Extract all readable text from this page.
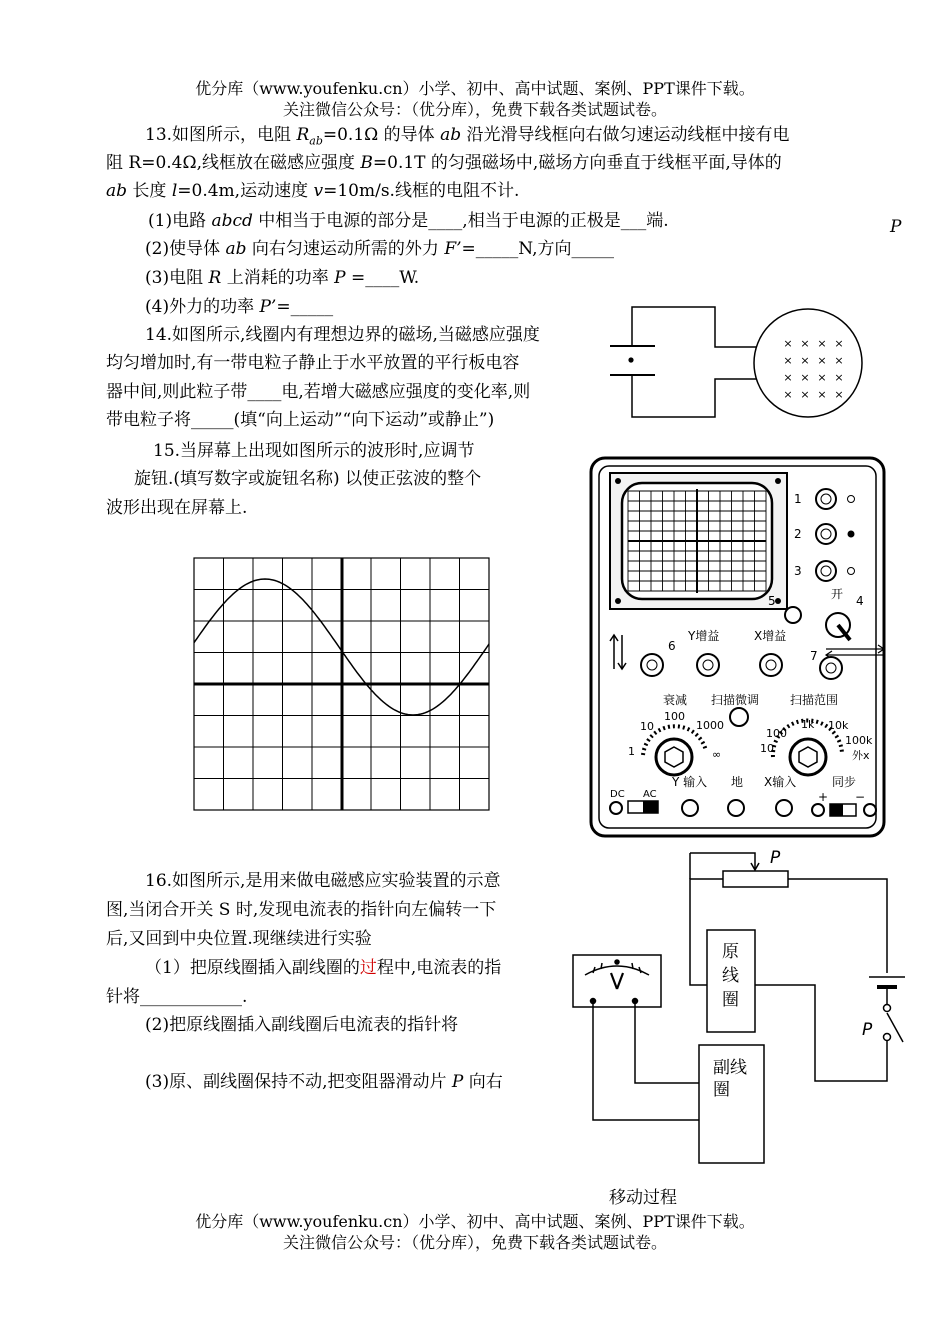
优分库（www.youfenku.cn）小学、初中、高中试题、案例、PPT课件下载。
关注微信公众号：（优分库），免费下载各类试题试卷。
13.如图所示，电阻 $R_{ab}=0.1\Omega$ 的导体 ab 沿光滑导线框向右做匀速运动线框中接有电
阻 R=0.4Ω,线框放在磁感应强度 B=0.1T 的匀强磁场中,磁场方向垂直于线框平面,导体的
ab 长度 l=0.4m,运动速度 v=10m/s.线框的电阻不计.
(1)电路 abcd 中相当于电源的部分是____,相当于电源的正极是___端.	P
(2)使导体 ab 向右匀速运动所需的外力 F’=_____N,方向_____
(3)电阻 R 上消耗的功率 P =____W.
(4)外力的功率 P’=_____
14.如图所示,线圈内有理想边界的磁场,当磁感应强度
均匀增加时,有一带电粒子静止于水平放置的平行板电容
器中间,则此粒子带____电,若增大磁感应强度的变化率,则
带电粒子将_____(填“向上运动”“向下运动”或静止”)
× × × ×
× × × ×
× × × ×
× × × ×
15.当屏幕上出现如图所示的波形时,应调节
旋钮.(填写数字或旋钮名称) 以使正弦波的整个
波形出现在屏幕上.	1
2
3
5	开 4
6
Y增益	X增益
7
衰减 扫描微调	扫描范围
10
100
1000
1	∞
100
10
1k 10k
100k
外x
Y 输入 地 X输入	同步
DC AC	+ −
16.如图所示,是用来做电磁感应实验装置的示意
图,当闭合开关 S 时,发现电流表的指针向左偏转一下
后,又回到中央位置.现继续进行实验
（1）把原线圈插入副线圈的过程中,电流表的指
针将____________.
(2)把原线圈插入副线圈后电流表的指针将
(3)原、副线圈保持不动,把变阻器滑动片 P 向右
移动过程
P
P
原线圈
副线圈
优分库（www.youfenku.cn）小学、初中、高中试题、案例、PPT课件下载。
关注微信公众号：（优分库），免费下载各类试题试卷。
